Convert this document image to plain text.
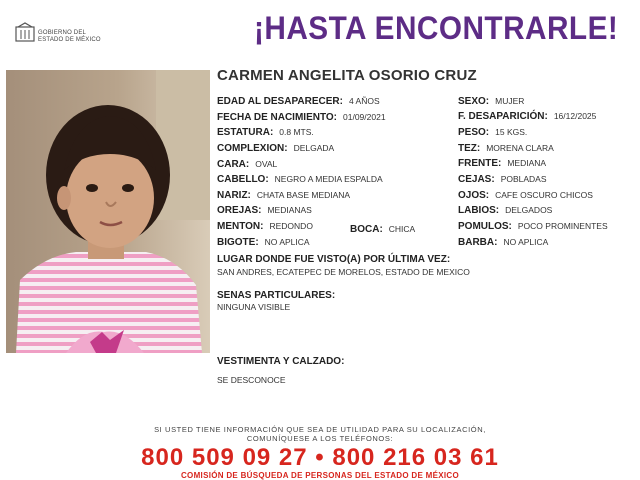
GOBIERNO DEL
ESTADO DE MÉXICO	¡HASTA ENCONTRARLE!
CARMEN ANGELITA OSORIO CRUZ
EDAD AL DESAPARECER: 4 AÑOS
FECHA DE NACIMIENTO: 01/09/2021
ESTATURA: 0.8 MTS.
COMPLEXION: DELGADA
CARA: OVAL
CABELLO: NEGRO A MEDIA ESPALDA
NARIZ: CHATA BASE MEDIANA
OREJAS: MEDIANAS
MENTON: REDONDO	BOCA: CHICA
BIGOTE: NO APLICA
SEXO: MUJER
F. DESAPARICIÓN: 16/12/2025
PESO: 15 KGS.
TEZ: MORENA CLARA
FRENTE: MEDIANA
CEJAS: POBLADAS
OJOS: CAFE OSCURO CHICOS
LABIOS: DELGADOS
POMULOS: POCO PROMINENTES
BARBA: NO APLICA
LUGAR DONDE FUE VISTO(A) POR ÚLTIMA VEZ:
SAN ANDRES, ECATEPEC DE MORELOS, ESTADO DE MEXICO
SENAS PARTICULARES:
NINGUNA VISIBLE
VESTIMENTA Y CALZADO:
SE DESCONOCE
SI USTED TIENE INFORMACIÓN QUE SEA DE UTILIDAD PARA SU LOCALIZACIÓN,
COMUNÍQUESE A LOS TELÉFONOS:
800 509 09 27 • 800 216 03 61
COMISIÓN DE BÚSQUEDA DE PERSONAS DEL ESTADO DE MÉXICO
